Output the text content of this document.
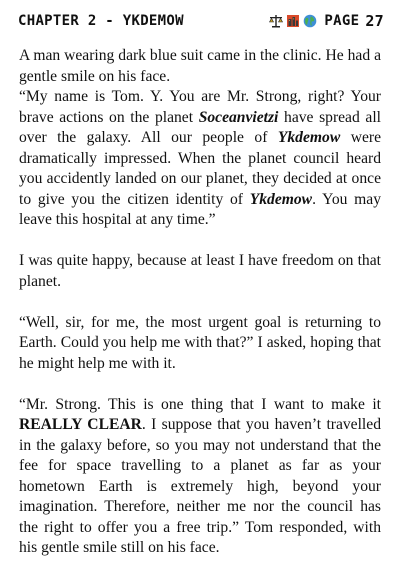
CHAPTER 2 - YKDEMOW	PAGE 27

A man wearing dark blue suit came in the clinic. He had a gentle smile on his face.

“My name is Tom. Y. You are Mr. Strong, right? Your brave actions on the planet Soceanvietzi have spread all over the galaxy. All our people of Ykdemow were dramatically impressed. When the planet council heard you accidently landed on our planet, they decided at once to give you the citizen identity of Ykdemow. You may leave this hospital at any time.”

I was quite happy, because at least I have freedom on that planet.

“Well, sir, for me, the most urgent goal is returning to Earth. Could you help me with that?” I asked, hoping that he might help me with it.

“Mr. Strong. This is one thing that I want to make it REALLY CLEAR. I suppose that you haven’t travelled in the galaxy before, so you may not understand that the fee for space travelling to a planet as far as your hometown Earth is extremely high, beyond your imagination. Therefore, neither me nor the council has the right to offer you a free trip.” Tom responded, with his gentle smile still on his face.
